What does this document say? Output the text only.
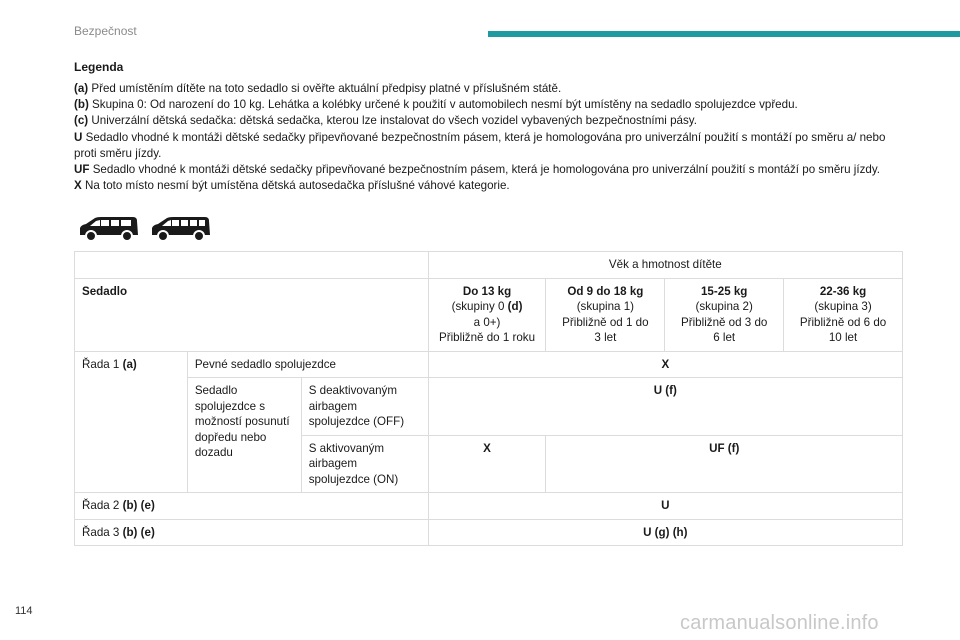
Bezpečnost
Legenda

(a) Před umístěním dítěte na toto sedadlo si ověřte aktuální předpisy platné v příslušném státě.

(b) Skupina 0: Od narození do 10 kg. Lehátka a kolébky určené k použití v automobilech nesmí být umístěny na sedadlo spolujezdce vpředu.

(c) Univerzální dětská sedačka: dětská sedačka, kterou lze instalovat do všech vozidel vybavených bezpečnostními pásy.

U Sedadlo vhodné k montáži dětské sedačky připevňované bezpečnostním pásem, která je homologována pro univerzální použití s montáží po směru a/ nebo proti směru jízdy.

UF Sedadlo vhodné k montáži dětské sedačky připevňované bezpečnostním pásem, která je homologována pro univerzální použití s montáží po směru jízdy.

X Na toto místo nesmí být umístěna dětská autosedačka příslušné váhové kategorie.

			Věk a hmotnost dítěte			
Sedadlo			Do 13 kg
(skupiny 0 (d)
a 0+)
Přibližně do 1 roku	Od 9 do 18 kg
(skupina 1)
Přibližně od 1 do
3 let	15-25 kg
(skupina 2)
Přibližně od 3 do
6 let	22-36 kg
(skupina 3)
Přibližně od 6 do
10 let
Řada 1 (a)	Pevné sedadlo spolujezdce		X			
	Sedadlo
spolujezdce s
možností posunutí
dopředu nebo
dozadu	S deaktivovaným
airbagem
spolujezdce (OFF)	U (f)			
		S aktivovaným
airbagem
spolujezdce (ON)	X	UF (f)		
Řada 2 (b) (e)			U			
Řada 3 (b) (e)			U (g) (h)			
114
carmanualsonline.info
